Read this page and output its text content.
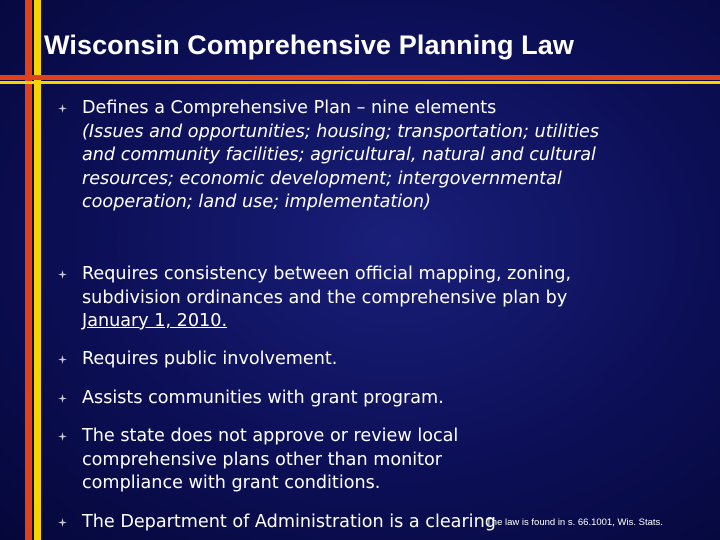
Wisconsin Comprehensive Planning Law
Defines a Comprehensive Plan – nine elements
(Issues and opportunities; housing; transportation; utilities and community facilities; agricultural, natural and cultural resources; economic development; intergovernmental cooperation; land use; implementation)
Requires consistency between official mapping, zoning, subdivision ordinances and the comprehensive plan by January 1, 2010.
Requires public involvement.
Assists communities with grant program.
The state does not approve or review local comprehensive plans other than monitor compliance with grant conditions.
The Department of Administration is a clearing
The law is found in s. 66.1001, Wis. Stats.
